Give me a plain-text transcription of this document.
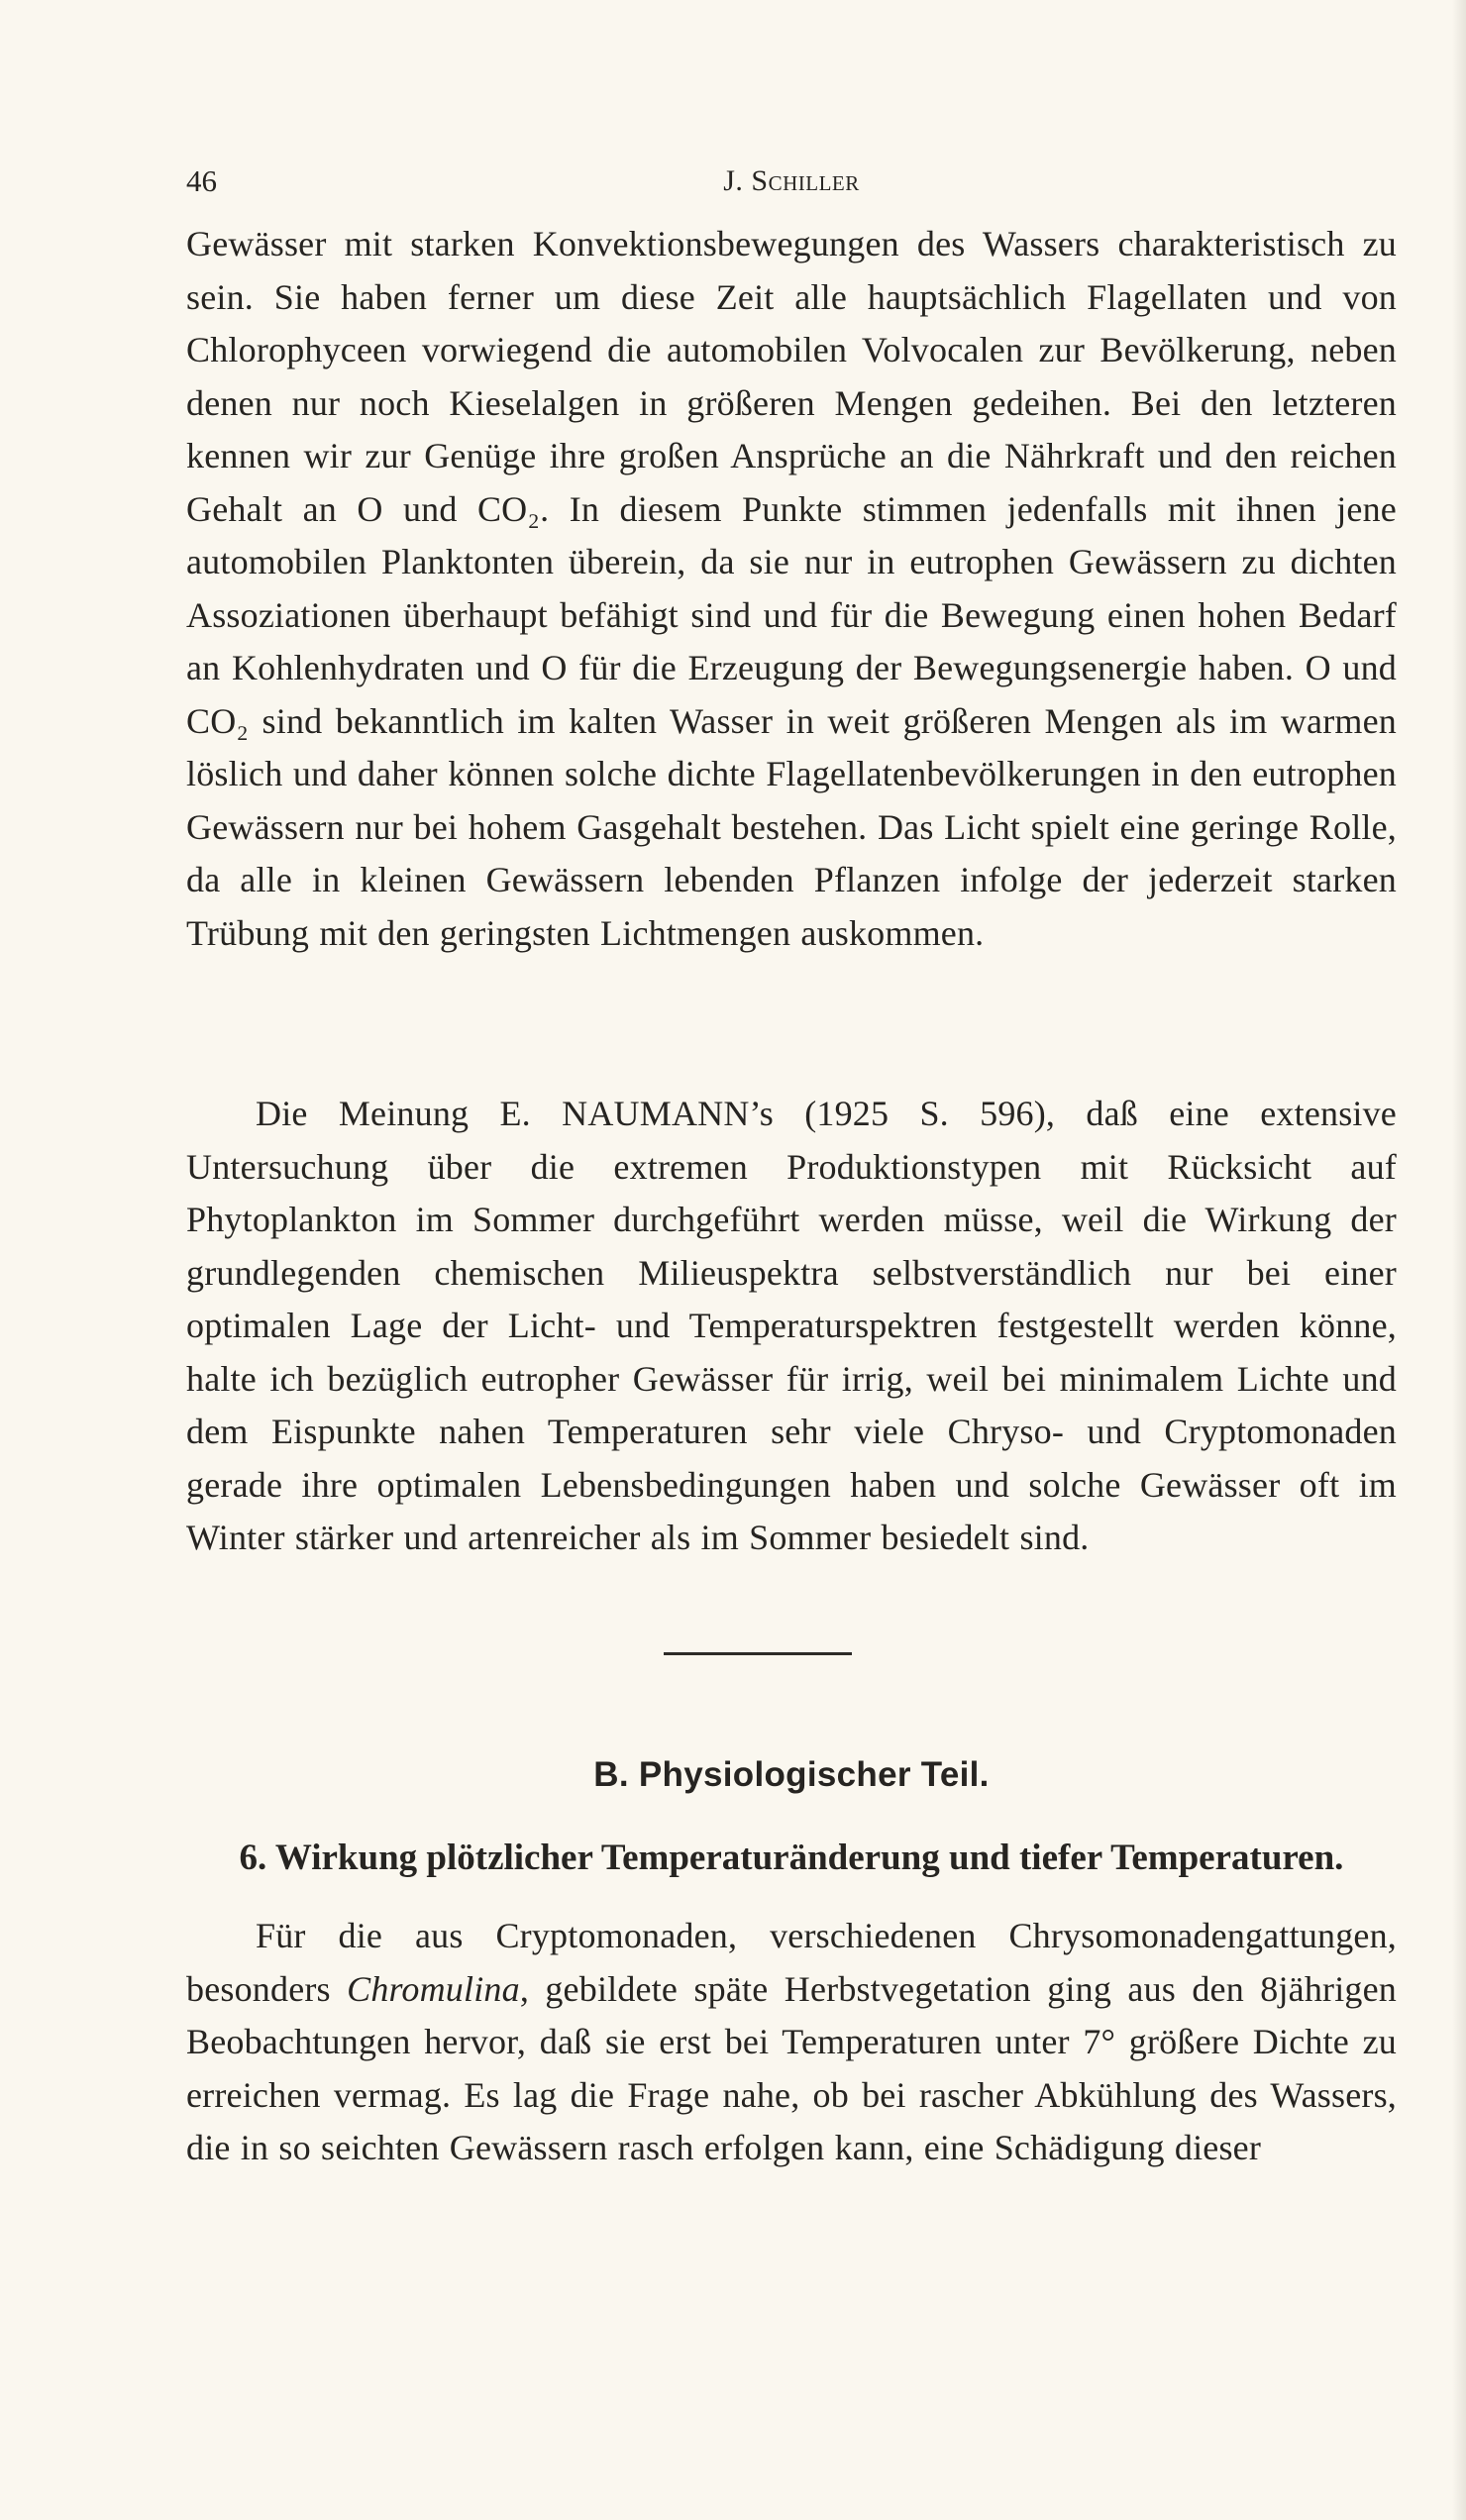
46	J. Schiller

Gewässer mit starken Konvektionsbewegungen des Wassers charakteristisch zu sein. Sie haben ferner um diese Zeit alle hauptsächlich Flagellaten und von Chlorophyceen vorwiegend die automobilen Volvocalen zur Bevölkerung, neben denen nur noch Kieselalgen in größeren Mengen gedeihen. Bei den letzteren kennen wir zur Genüge ihre großen Ansprüche an die Nährkraft und den reichen Gehalt an O und CO₂. In diesem Punkte stimmen jedenfalls mit ihnen jene automobilen Planktonten überein, da sie nur in eutrophen Gewässern zu dichten Assoziationen überhaupt befähigt sind und für die Bewegung einen hohen Bedarf an Kohlenhydraten und O für die Erzeugung der Bewegungsenergie haben. O und CO₂ sind bekanntlich im kalten Wasser in weit größeren Mengen als im warmen löslich und daher können solche dichte Flagellatenbevölkerungen in den eutrophen Gewässern nur bei hohem Gasgehalt bestehen. Das Licht spielt eine geringe Rolle, da alle in kleinen Gewässern lebenden Pflanzen infolge der jederzeit starken Trübung mit den geringsten Lichtmengen auskommen.

Die Meinung E. NAUMANN’s (1925 S. 596), daß eine extensive Untersuchung über die extremen Produktionstypen mit Rücksicht auf Phytoplankton im Sommer durchgeführt werden müsse, weil die Wirkung der grundlegenden chemischen Milieuspektra selbstverständlich nur bei einer optimalen Lage der Licht- und Temperaturspektren festgestellt werden könne, halte ich bezüglich eutropher Gewässer für irrig, weil bei minimalem Lichte und dem Eispunkte nahen Temperaturen sehr viele Chryso- und Cryptomonaden gerade ihre optimalen Lebensbedingungen haben und solche Gewässer oft im Winter stärker und artenreicher als im Sommer besiedelt sind.

B. Physiologischer Teil.
6. Wirkung plötzlicher Temperaturänderung und tiefer Temperaturen.

Für die aus Cryptomonaden, verschiedenen Chrysomonadengattungen, besonders Chromulina, gebildete späte Herbstvegetation ging aus den 8jährigen Beobachtungen hervor, daß sie erst bei Temperaturen unter 7° größere Dichte zu erreichen vermag. Es lag die Frage nahe, ob bei rascher Abkühlung des Wassers, die in so seichten Gewässern rasch erfolgen kann, eine Schädigung dieser
